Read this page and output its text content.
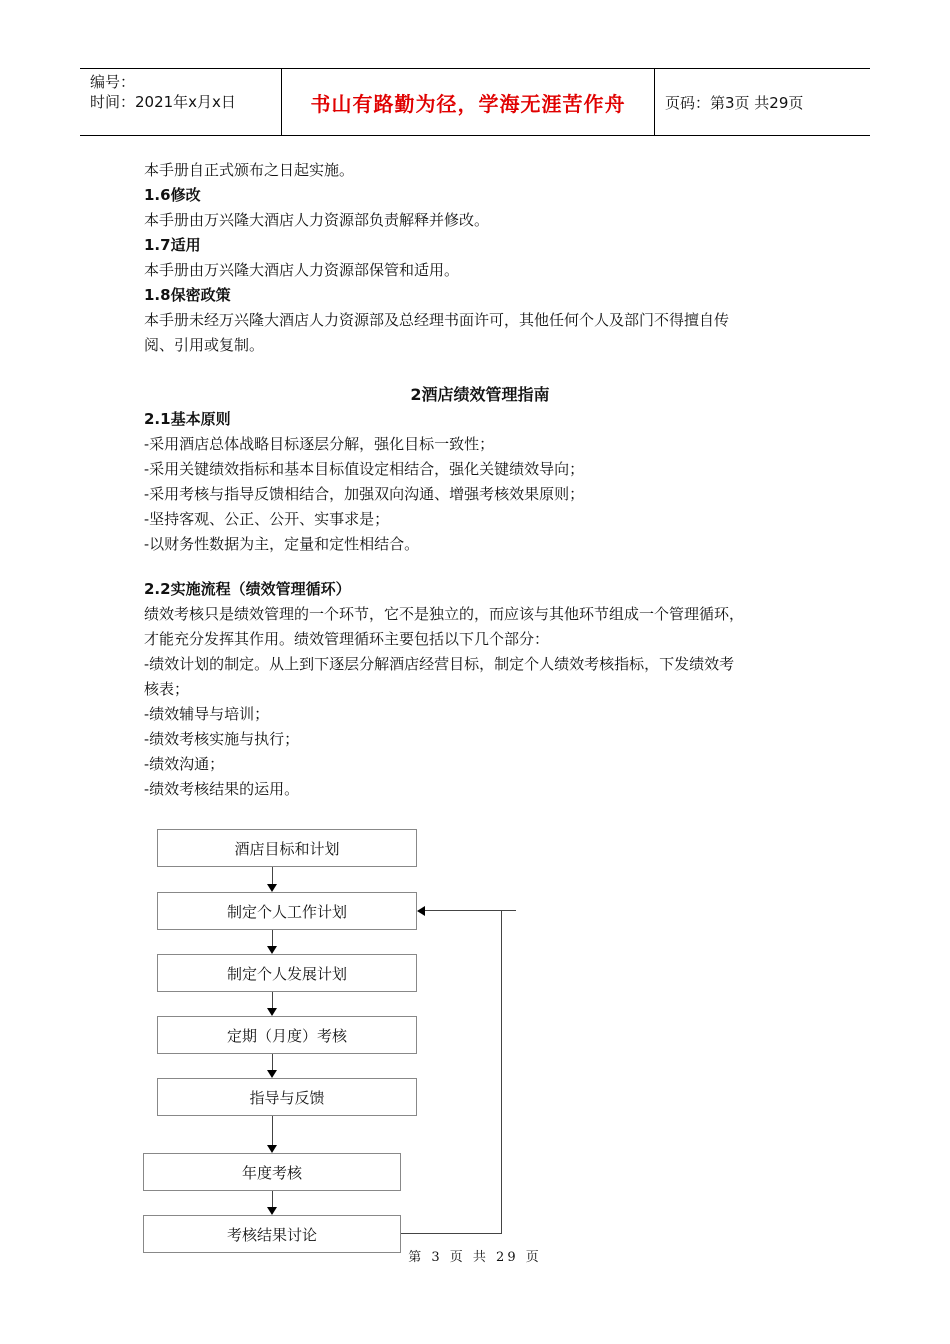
编号：
时间：2021年x月x日	书山有路勤为径，学海无涯苦作舟	页码：第3页 共29页

本手册自正式颁布之日起实施。

1.6修改

本手册由万兴隆大酒店人力资源部负责解释并修改。

1.7适用

本手册由万兴隆大酒店人力资源部保管和适用。

1.8保密政策

本手册未经万兴隆大酒店人力资源部及总经理书面许可，其他任何个人及部门不得擅自传

阅、引用或复制。

2酒店绩效管理指南

2.1基本原则

-采用酒店总体战略目标逐层分解，强化目标一致性；

-采用关键绩效指标和基本目标值设定相结合，强化关键绩效导向；

-采用考核与指导反馈相结合，加强双向沟通、增强考核效果原则；

-坚持客观、公正、公开、实事求是；

-以财务性数据为主，定量和定性相结合。

2.2实施流程（绩效管理循环）

绩效考核只是绩效管理的一个环节，它不是独立的，而应该与其他环节组成一个管理循环，

才能充分发挥其作用。绩效管理循环主要包括以下几个部分：

-绩效计划的制定。从上到下逐层分解酒店经营目标，制定个人绩效考核指标，下发绩效考

核表；

-绩效辅导与培训；

-绩效考核实施与执行；

-绩效沟通；

-绩效考核结果的运用。

酒店目标和计划
制定个人工作计划
制定个人发展计划
定期（月度）考核
指导与反馈
年度考核
考核结果讨论
第 3 页 共 29 页
